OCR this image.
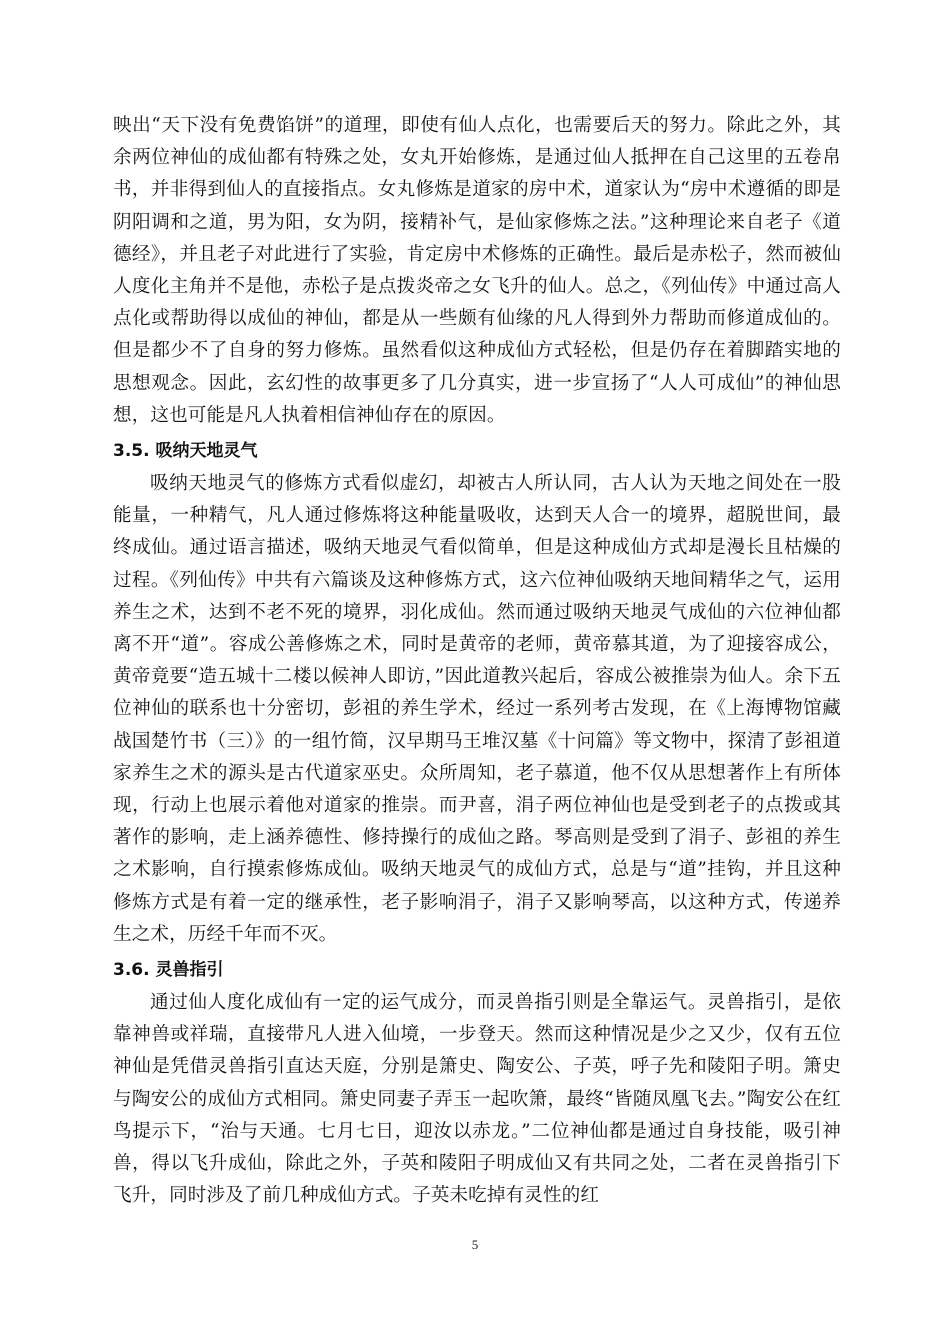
映出“天下没有免费馅饼”的道理，即使有仙人点化，也需要后天的努力。除此之外，其余两位神仙的成仙都有特殊之处，女丸开始修炼，是通过仙人抵押在自己这里的五卷帛书，并非得到仙人的直接指点。女丸修炼是道家的房中术，道家认为“房中术遵循的即是阴阳调和之道，男为阳，女为阴，接精补气，是仙家修炼之法。”这种理论来自老子《道德经》，并且老子对此进行了实验，肯定房中术修炼的正确性。最后是赤松子，然而被仙人度化主角并不是他，赤松子是点拨炎帝之女飞升的仙人。总之，《列仙传》中通过高人点化或帮助得以成仙的神仙，都是从一些颇有仙缘的凡人得到外力帮助而修道成仙的。但是都少不了自身的努力修炼。虽然看似这种成仙方式轻松，但是仍存在着脚踏实地的思想观念。因此，玄幻性的故事更多了几分真实，进一步宣扬了“人人可成仙”的神仙思想，这也可能是凡人执着相信神仙存在的原因。

3.5. 吸纳天地灵气

吸纳天地灵气的修炼方式看似虚幻，却被古人所认同，古人认为天地之间处在一股能量，一种精气，凡人通过修炼将这种能量吸收，达到天人合一的境界，超脱世间，最终成仙。通过语言描述，吸纳天地灵气看似简单，但是这种成仙方式却是漫长且枯燥的过程。《列仙传》中共有六篇谈及这种修炼方式，这六位神仙吸纳天地间精华之气，运用养生之术，达到不老不死的境界，羽化成仙。然而通过吸纳天地灵气成仙的六位神仙都离不开“道”。容成公善修炼之术，同时是黄帝的老师，黄帝慕其道，为了迎接容成公，黄帝竟要“造五城十二楼以候神人即访，”因此道教兴起后，容成公被推崇为仙人。余下五位神仙的联系也十分密切，彭祖的养生学术，经过一系列考古发现，在《上海博物馆藏战国楚竹书（三）》的一组竹简，汉早期马王堆汉墓《十问篇》等文物中，探清了彭祖道家养生之术的源头是古代道家巫史。众所周知，老子慕道，他不仅从思想著作上有所体现，行动上也展示着他对道家的推崇。而尹喜，涓子两位神仙也是受到老子的点拨或其著作的影响，走上涵养德性、修持操行的成仙之路。琴高则是受到了涓子、彭祖的养生之术影响，自行摸索修炼成仙。吸纳天地灵气的成仙方式，总是与“道”挂钩，并且这种修炼方式是有着一定的继承性，老子影响涓子，涓子又影响琴高，以这种方式，传递养生之术，历经千年而不灭。

3.6. 灵兽指引

通过仙人度化成仙有一定的运气成分，而灵兽指引则是全靠运气。灵兽指引，是依靠神兽或祥瑞，直接带凡人进入仙境，一步登天。然而这种情况是少之又少，仅有五位神仙是凭借灵兽指引直达天庭，分别是箫史、陶安公、子英，呼子先和陵阳子明。箫史与陶安公的成仙方式相同。箫史同妻子弄玉一起吹箫，最终“皆随凤凰飞去。”陶安公在红鸟提示下，“治与天通。七月七日，迎汝以赤龙。”二位神仙都是通过自身技能，吸引神兽，得以飞升成仙，除此之外，子英和陵阳子明成仙又有共同之处，二者在灵兽指引下飞升，同时涉及了前几种成仙方式。子英未吃掉有灵性的红

5
